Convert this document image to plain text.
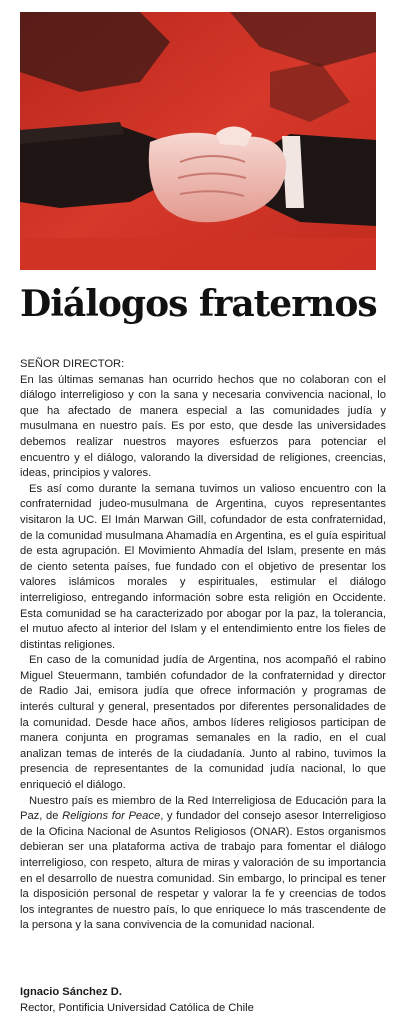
Diálogos fraternos

SEÑOR DIRECTOR:

En las últimas semanas han ocurrido hechos que no colaboran con el diálogo interreligioso y con la sana y necesaria convivencia nacional, lo que ha afectado de manera especial a las comunidades judía y musulmana en nuestro país. Es por esto, que desde las universidades debemos realizar nuestros mayores esfuerzos para potenciar el encuentro y el diálogo, valorando la diversidad de religiones, creencias, ideas, principios y valores.

Es así como durante la semana tuvimos un valioso encuentro con la confraternidad judeo-musulmana de Argentina, cuyos representantes visitaron la UC. El Imán Marwan Gill, cofundador de esta confraternidad, de la comunidad musulmana Ahamadía en Argentina, es el guía espiritual de esta agrupación. El Movimiento Ahmadía del Islam, presente en más de ciento setenta países, fue fundado con el objetivo de presentar los valores islámicos morales y espirituales, estimular el diálogo interreligioso, entregando información sobre esta religión en Occidente. Esta comunidad se ha caracterizado por abogar por la paz, la tolerancia, el mutuo afecto al interior del Islam y el entendimiento entre los fieles de distintas religiones.

En caso de la comunidad judía de Argentina, nos acompañó el rabino Miguel Steuermann, también cofundador de la confraternidad y director de Radio Jai, emisora judía que ofrece información y programas de interés cultural y general, presentados por diferentes personalidades de la comunidad. Desde hace años, ambos líderes religiosos participan de manera conjunta en programas semanales en la radio, en el cual analizan temas de interés de la ciudadanía. Junto al rabino, tuvimos la presencia de representantes de la comunidad judía nacional, lo que enriqueció el diálogo.

Nuestro país es miembro de la Red Interreligiosa de Educación para la Paz, de Religions for Peace, y fundador del consejo asesor Interreligioso de la Oficina Nacional de Asuntos Religiosos (ONAR). Estos organismos debieran ser una plataforma activa de trabajo para fomentar el diálogo interreligioso, con respeto, altura de miras y valoración de su importancia en el desarrollo de nuestra comunidad. Sin embargo, lo principal es tener la disposición personal de respetar y valorar la fe y creencias de todos los integrantes de nuestro país, lo que enriquece lo más trascendente de la persona y la sana convivencia de la comunidad nacional.

Ignacio Sánchez D.

Rector, Pontificia Universidad Católica de Chile
